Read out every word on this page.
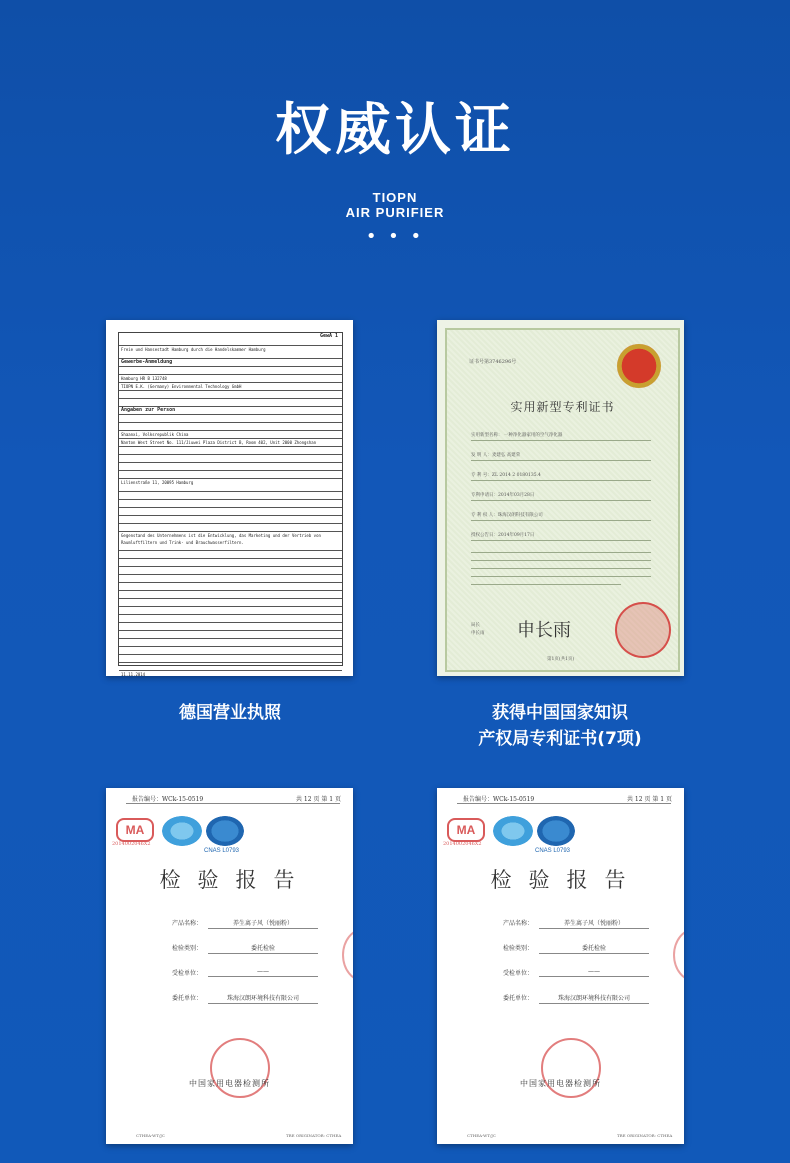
权威认证
TIOPN
AIR PURIFIER
• • •
GewA 1
Freie und Hansestadt Hamburg durch die Handelskammer Hamburg
Gewerbe-Anmeldung
Hamburg HR B 132748
TIOPN E.K. (Germany) Environmental Technology GmbH
Angaben zur Person
Shaanxi, Volksrepublik China
Nanton West Street No. 111/Jiuwei Plaza District B, Room 402, Unit 2000 Zhongshan
Lilienstraße 11, 20095 Hamburg
Gegenstand des Unternehmens ist die Entwicklung, das Marketing und der Vertrieb von Raumluftfiltern und Trink- und Brauchwasserfiltern.
11.11.2014
证书号第3746296号
实用新型专利证书
实用新型名称： 一种净化器家用的空气净化器
发 明 人：麦建弘 高建荣
专 利 号：ZL 2014 2 0180135.4
专利申请日：2014年03月28日
专 利 权 人：珠海汉朗科技有限公司
授权公告日：2014年09月17日
局长
申长雨 申长雨
第1页(共1页)
德国营业执照	获得中国国家知识
产权局专利证书(7项)
报告编号：WCk-15-0519	共 12 页 第 1 页
MA
2014002046X2
CNAS L0793
检验报告
产品名称：	养生离子风（悦丽粉）
检验类别：	委托检验
受检单位：	——
委托单位：	珠海汉朗环境科技有限公司
中国家用电器检测所
CTHEA-WT/JC	TRE ORIGINATOR: CTHEA
报告编号：WCk-15-0519	共 12 页 第 1 页
MA
2014002046X2
CNAS L0793
检验报告
产品名称：	养生离子风（悦丽粉）
检验类别：	委托检验
受检单位：	——
委托单位：	珠海汉朗环境科技有限公司
中国家用电器检测所
CTHEA-WT/JC	TRE ORIGINATOR: CTHEA
